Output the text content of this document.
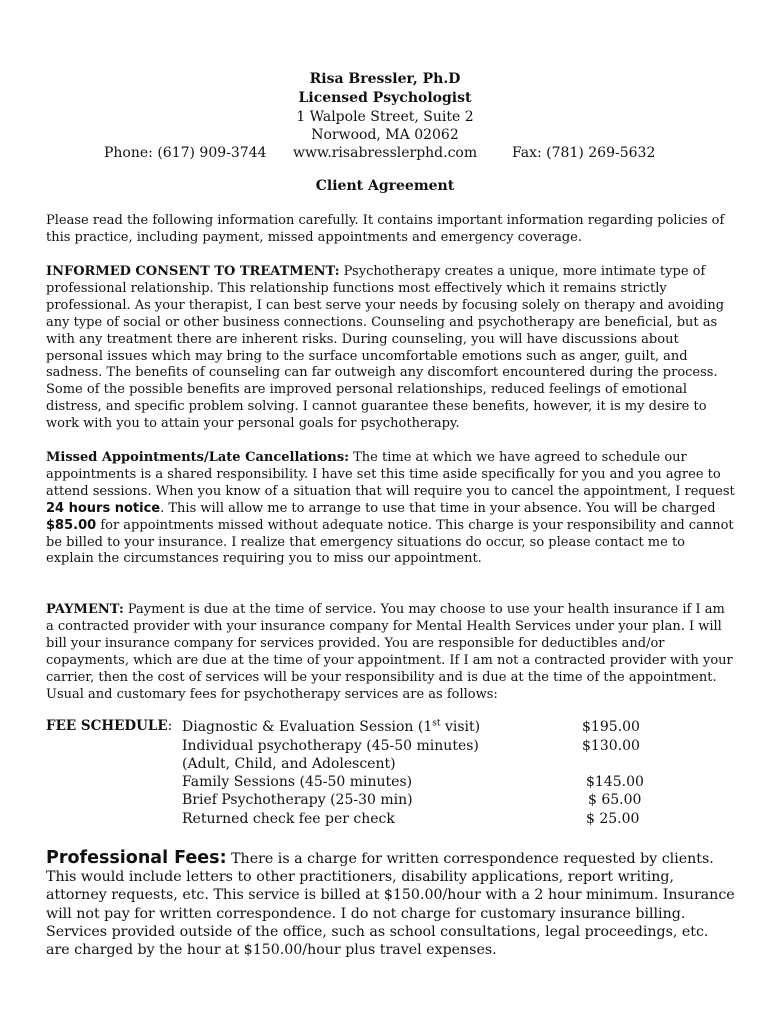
Risa Bressler, Ph.D
Licensed Psychologist
1 Walpole Street, Suite 2
Norwood, MA 02062
Phone: (617) 909-3744 www.risabresslerphd.com Fax: (781) 269-5632
Client Agreement
Please read the following information carefully. It contains important information regarding policies of this practice, including payment, missed appointments and emergency coverage.
INFORMED CONSENT TO TREATMENT: Psychotherapy creates a unique, more intimate type of professional relationship. This relationship functions most effectively which it remains strictly professional. As your therapist, I can best serve your needs by focusing solely on therapy and avoiding any type of social or other business connections. Counseling and psychotherapy are beneficial, but as with any treatment there are inherent risks. During counseling, you will have discussions about personal issues which may bring to the surface uncomfortable emotions such as anger, guilt, and sadness. The benefits of counseling can far outweigh any discomfort encountered during the process. Some of the possible benefits are improved personal relationships, reduced feelings of emotional distress, and specific problem solving. I cannot guarantee these benefits, however, it is my desire to work with you to attain your personal goals for psychotherapy.
Missed Appointments/Late Cancellations: The time at which we have agreed to schedule our appointments is a shared responsibility. I have set this time aside specifically for you and you agree to attend sessions. When you know of a situation that will require you to cancel the appointment, I request 24 hours notice. This will allow me to arrange to use that time in your absence. You will be charged $85.00 for appointments missed without adequate notice. This charge is your responsibility and cannot be billed to your insurance. I realize that emergency situations do occur, so please contact me to explain the circumstances requiring you to miss our appointment.
PAYMENT: Payment is due at the time of service. You may choose to use your health insurance if I am a contracted provider with your insurance company for Mental Health Services under your plan. I will bill your insurance company for services provided. You are responsible for deductibles and/or copayments, which are due at the time of your appointment. If I am not a contracted provider with your carrier, then the cost of services will be your responsibility and is due at the time of the appointment. Usual and customary fees for psychotherapy services are as follows:
FEE SCHEDULE: Diagnostic & Evaluation Session (1st visit)	$195.00
Individual psychotherapy (45-50 minutes)	$130.00
(Adult, Child, and Adolescent)
Family Sessions (45-50 minutes)	$145.00
Brief Psychotherapy (25-30 min)	$ 65.00
Returned check fee per check	$ 25.00
Professional Fees: There is a charge for written correspondence requested by clients. This would include letters to other practitioners, disability applications, report writing, attorney requests, etc. This service is billed at $150.00/hour with a 2 hour minimum. Insurance will not pay for written correspondence. I do not charge for customary insurance billing. Services provided outside of the office, such as school consultations, legal proceedings, etc. are charged by the hour at $150.00/hour plus travel expenses.
